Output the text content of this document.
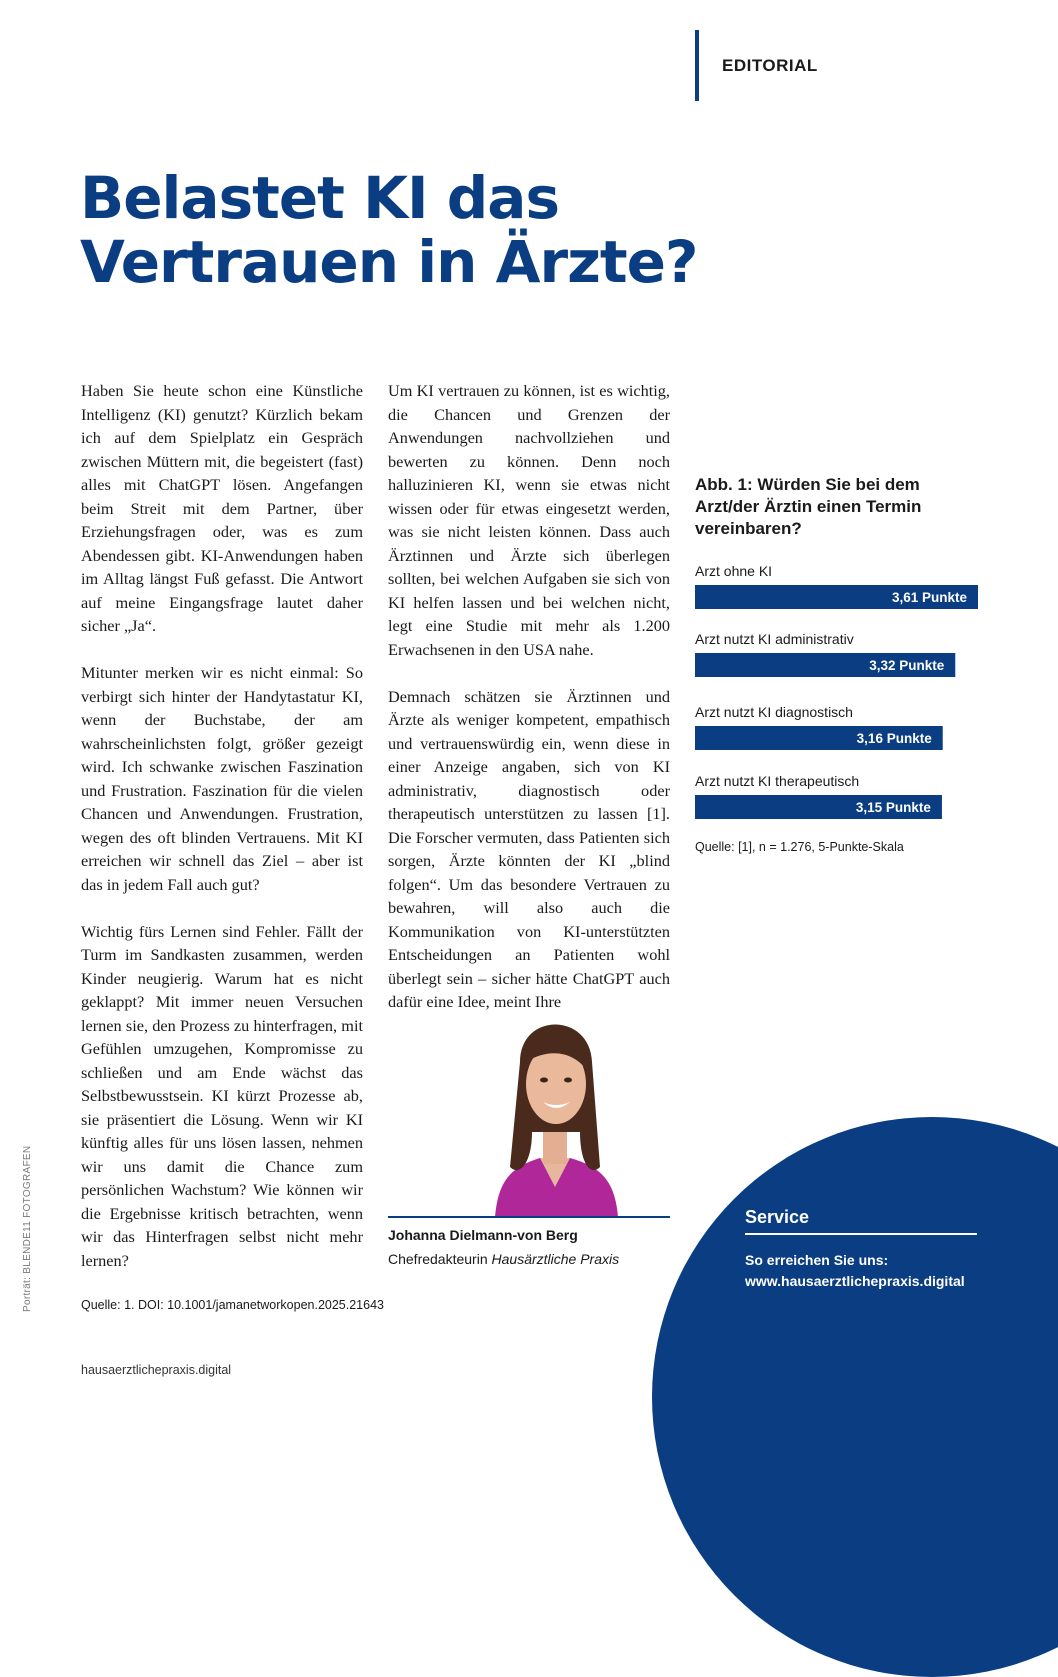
EDITORIAL
Belastet KI das
Vertrauen in Ärzte?

Haben Sie heute schon eine Künstliche Intelligenz (KI) genutzt? Kürzlich bekam ich auf dem Spielplatz ein Gespräch zwischen Müttern mit, die begeistert (fast) alles mit ChatGPT lösen. Angefangen beim Streit mit dem Partner, über Erziehungsfragen oder, was es zum Abendessen gibt. KI-Anwendungen haben im Alltag längst Fuß gefasst. Die Antwort auf meine Eingangsfrage lautet daher sicher „Ja“.

Mitunter merken wir es nicht einmal: So verbirgt sich hinter der Handytastatur KI, wenn der Buchstabe, der am wahrscheinlichsten folgt, größer gezeigt wird. Ich schwanke zwischen Faszination und Frustration. Faszination für die vielen Chancen und Anwendungen. Frustration, wegen des oft blinden Vertrauens. Mit KI erreichen wir schnell das Ziel – aber ist das in jedem Fall auch gut?

Wichtig fürs Lernen sind Fehler. Fällt der Turm im Sandkasten zusammen, werden Kinder neugierig. Warum hat es nicht geklappt? Mit immer neuen Versuchen lernen sie, den Prozess zu hinterfragen, mit Gefühlen umzugehen, Kompromisse zu schließen und am Ende wächst das Selbstbewusstsein. KI kürzt Prozesse ab, sie präsentiert die Lösung. Wenn wir KI künftig alles für uns lösen lassen, nehmen wir uns damit die Chance zum persönlichen Wachstum? Wie können wir die Ergebnisse kritisch betrachten, wenn wir das Hinterfragen selbst nicht mehr lernen?

Um KI vertrauen zu können, ist es wichtig, die Chancen und Grenzen der Anwendungen nachvollziehen und bewerten zu können. Denn noch halluzinieren KI, wenn sie etwas nicht wissen oder für etwas eingesetzt werden, was sie nicht leisten können. Dass auch Ärztinnen und Ärzte sich überlegen sollten, bei welchen Aufgaben sie sich von KI helfen lassen und bei welchen nicht, legt eine Studie mit mehr als 1.200 Erwachsenen in den USA nahe.

Demnach schätzen sie Ärztinnen und Ärzte als weniger kompetent, empathisch und vertrauenswürdig ein, wenn diese in einer Anzeige angaben, sich von KI administrativ, diagnostisch oder therapeutisch unterstützen zu lassen [1]. Die Forscher vermuten, dass Patienten sich sorgen, Ärzte könnten der KI „blind folgen“. Um das besondere Vertrauen zu bewahren, will also auch die Kommunikation von KI-unterstützten Entscheidungen an Patienten wohl überlegt sein – sicher hätte ChatGPT auch dafür eine Idee, meint Ihre

Johanna Dielmann-von Berg
Chefredakteurin Hausärztliche Praxis
Abb. 1: Würden Sie bei dem Arzt/der Ärztin einen Termin vereinbaren?
Arzt ohne KI
3,61 Punkte
Arzt nutzt KI administrativ
3,32 Punkte
Arzt nutzt KI diagnostisch
3,16 Punkte
Arzt nutzt KI therapeutisch
3,15 Punkte
Quelle: [1], n = 1.276, 5-Punkte-Skala
Porträt: BLENDE11 FOTOGRAFEN	Quelle: 1. DOI: 10.1001/jamanetworkopen.2025.21643
hausaerztlichepraxis.digital
Service
So erreichen Sie uns:
www.hausaerztlichepraxis.digital
